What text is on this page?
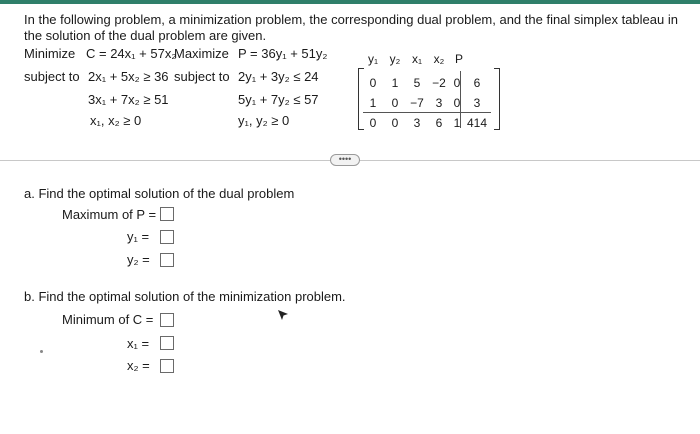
In the following problem, a minimization problem, the corresponding dual problem, and the final simplex tableau in the solution of the dual problem are given.
Minimize C = 24x₁ + 57x₂
subject to 2x₁ + 5x₂ ≥ 36
3x₁ + 7x₂ ≥ 51
x₁, x₂ ≥ 0
Maximize P = 36y₁ + 51y₂
subject to 2y₁ + 3y₂ ≤ 24
5y₁ + 7y₂ ≤ 57
y₁, y₂ ≥ 0
y₁ y₂ x₁ x₂ P
0	1	5 −2 0	6
1	0 −7 3 0	3
0	0	3	6 1 414
••••
a. Find the optimal solution of the dual problem
Maximum of P =
y₁ =
y₂ =
b. Find the optimal solution of the minimization problem.
Minimum of C =
x₁ =
x₂ =
